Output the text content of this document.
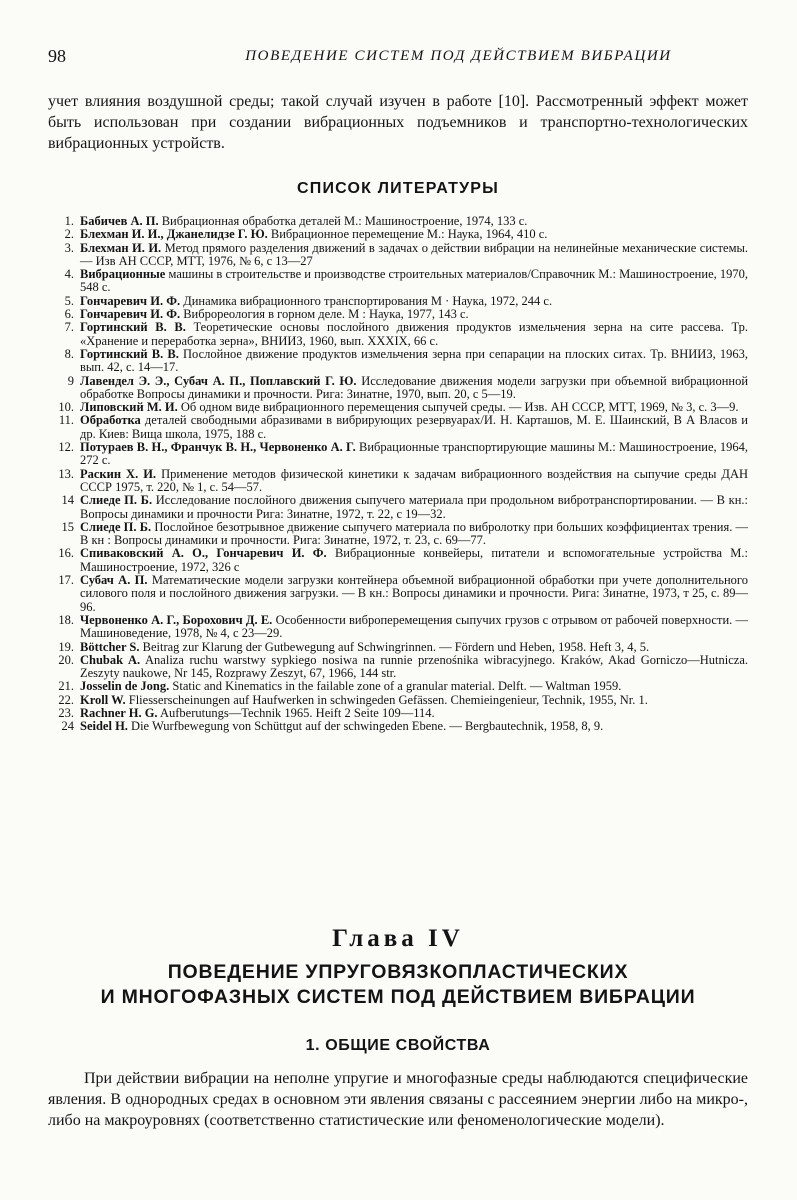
98	ПОВЕДЕНИЕ СИСТЕМ ПОД ДЕЙСТВИЕМ ВИБРАЦИИ

учет влияния воздушной среды; такой случай изучен в работе [10]. Рассмотренный эффект может быть использован при создании вибрационных подъемников и транспортно-технологических вибрационных устройств.

СПИСОК ЛИТЕРАТУРЫ
1. Бабичев А. П. Вибрационная обработка деталей М.: Машиностроение, 1974, 133 с.
2. Блехман И. И., Джанелидзе Г. Ю. Вибрационное перемещение М.: Наука, 1964, 410 с.
3. Блехман И. И. Метод прямого разделения движений в задачах о действии вибрации на нелинейные механические системы. — Изв АН СССР, МТТ, 1976, № 6, с 13—27
4. Вибрационные машины в строительстве и производстве строительных материалов/Справочник М.: Машиностроение, 1970, 548 с.
5. Гончаревич И. Ф. Динамика вибрационного транспортирования М · Наука, 1972, 244 с.
6. Гончаревич И. Ф. Виброреология в горном деле. М : Наука, 1977, 143 с.
7. Гортинский В. В. Теоретические основы послойного движения продуктов измельчения зерна на сите рассева. Тр. «Хранение и переработка зерна», ВНИИЗ, 1960, вып. XXXIX, 66 с.
8. Гортинский В. В. Послойное движение продуктов измельчения зерна при сепарации на плоских ситах. Тр. ВНИИЗ, 1963, вып. 42, с. 14—17.
9 Лавендел Э. Э., Субач А. П., Поплавский Г. Ю. Исследование движения модели загрузки при объемной вибрационной обработке Вопросы динамики и прочности. Рига: Зинатне, 1970, вып. 20, с 5—19.
10. Липовский М. И. Об одном виде вибрационного перемещения сыпучей среды. — Изв. АН СССР, МТТ, 1969, № 3, с. 3—9.
11. Обработка деталей свободными абразивами в вибрирующих резервуарах/И. Н. Карташов, М. Е. Шаинский, В А Власов и др. Киев: Вища школа, 1975, 188 с.
12. Потураев В. Н., Франчук В. Н., Червоненко А. Г. Вибрационные транспортирующие машины М.: Машиностроение, 1964, 272 с.
13. Раскин Х. И. Применение методов физической кинетики к задачам вибрационного воздействия на сыпучие среды ДАН СССР 1975, т. 220, № 1, с. 54—57.
14 Слиеде П. Б. Исследование послойного движения сыпучего материала при продольном вибротранспортировании. — В кн.: Вопросы динамики и прочности Рига: Зинатне, 1972, т. 22, с 19—32.
15 Слиеде П. Б. Послойное безотрывное движение сыпучего материала по вибролотку при больших коэффициентах трения. — В кн : Вопросы динамики и прочности. Рига: Зинатне, 1972, т. 23, с. 69—77.
16. Спиваковский А. О., Гончаревич И. Ф. Вибрационные конвейеры, питатели и вспомогательные устройства М.: Машиностроение, 1972, 326 с
17. Субач А. П. Математические модели загрузки контейнера объемной вибрационной обработки при учете дополнительного силового поля и послойного движения загрузки. — В кн.: Вопросы динамики и прочности. Рига: Зинатне, 1973, т 25, с. 89—96.
18. Червоненко А. Г., Борохович Д. Е. Особенности виброперемещения сыпучих грузов с отрывом от рабочей поверхности. — Машиноведение, 1978, № 4, с 23—29.
19. Böttcher S. Beitrag zur Klarung der Gutbewegung auf Schwingrinnen. — Fördern und Heben, 1958. Heft 3, 4, 5.
20. Chubak A. Analiza ruchu warstwy sypkiego nosiwa na runnie przenośnika wibracyjnego. Kraków, Akad Gorniczo—Hutnicza. Zeszyty naukowe, Nr 145, Rozprawy Zeszyt, 67, 1966, 144 str.
21. Josselin de Jong. Static and Kinematics in the failable zone of a granular material. Delft. — Waltman 1959.
22. Kroll W. Fliesserscheinungen auf Haufwerken in schwingeden Gefässen. Chemieingenieur, Technik, 1955, Nr. 1.
23. Rachner H. G. Aufberutungs—Technik 1965. Heift 2 Seite 109—114.
24 Seidel H. Die Wurfbewegung von Schüttgut auf der schwingeden Ebene. — Bergbautechnik, 1958, 8, 9.
Глава IV
ПОВЕДЕНИЕ УПРУГОВЯЗКОПЛАСТИЧЕСКИХ
И МНОГОФАЗНЫХ СИСТЕМ ПОД ДЕЙСТВИЕМ ВИБРАЦИИ
1. ОБЩИЕ СВОЙСТВА

При действии вибрации на неполне упругие и многофазные среды наблюдаются специфические явления. В однородных средах в основном эти явления связаны с рассеянием энергии либо на микро-, либо на макроуровнях (соответственно статистические или феноменологические модели).
